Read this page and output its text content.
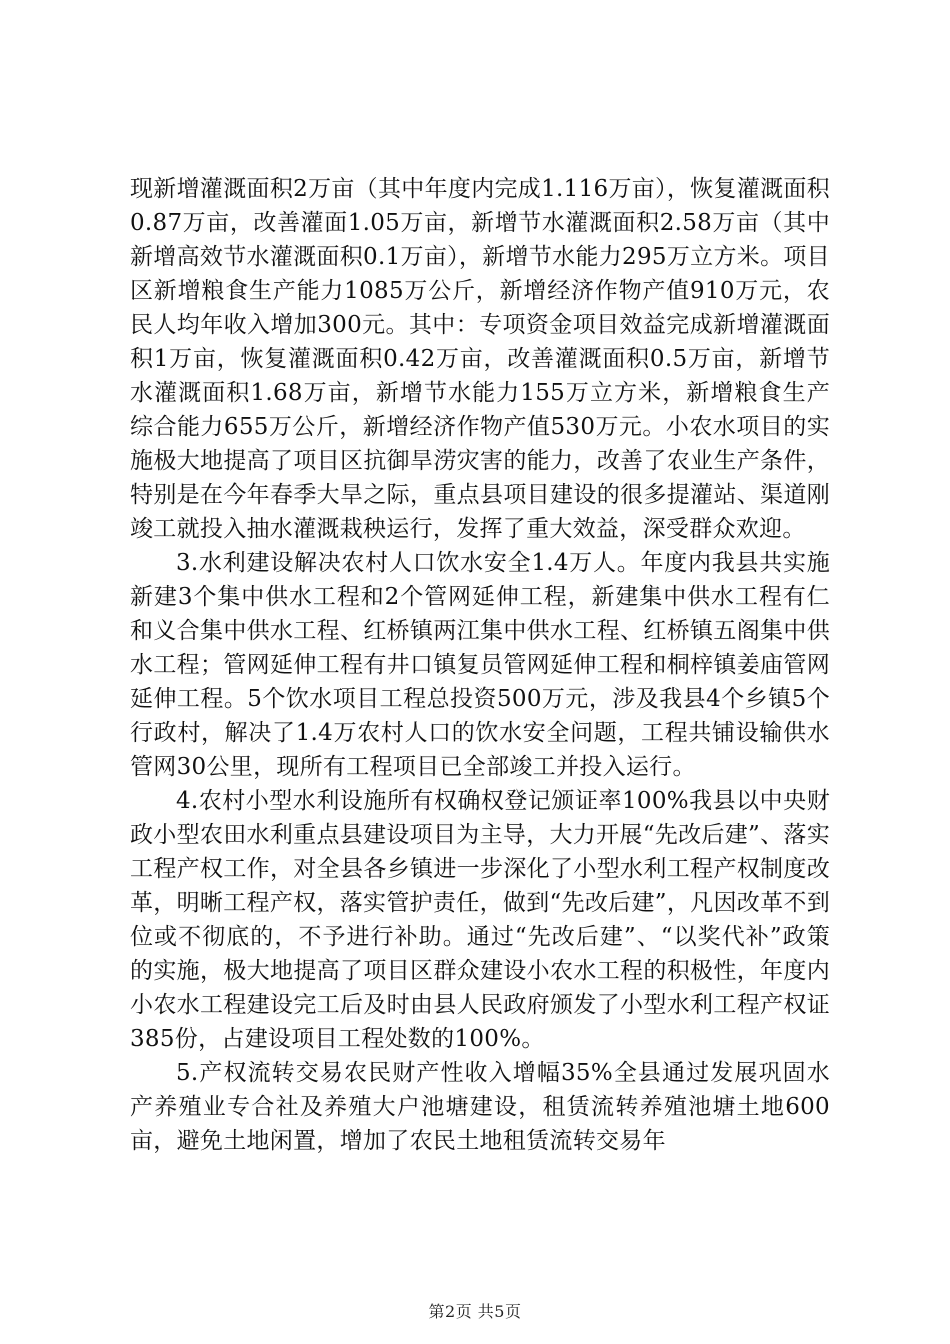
现新增灌溉面积2万亩（其中年度内完成1.116万亩），恢复灌溉面积0.87万亩，改善灌面1.05万亩，新增节水灌溉面积2.58万亩（其中新增高效节水灌溉面积0.1万亩），新增节水能力295万立方米。项目区新增粮食生产能力1085万公斤，新增经济作物产值910万元，农民人均年收入增加300元。其中：专项资金项目效益完成新增灌溉面积1万亩，恢复灌溉面积0.42万亩，改善灌溉面积0.5万亩，新增节水灌溉面积1.68万亩，新增节水能力155万立方米，新增粮食生产综合能力655万公斤，新增经济作物产值530万元。小农水项目的实施极大地提高了项目区抗御旱涝灾害的能力，改善了农业生产条件，特别是在今年春季大旱之际，重点县项目建设的很多提灌站、渠道刚竣工就投入抽水灌溉栽秧运行，发挥了重大效益，深受群众欢迎。

3.水利建设解决农村人口饮水安全1.4万人。年度内我县共实施新建3个集中供水工程和2个管网延伸工程，新建集中供水工程有仁和义合集中供水工程、红桥镇两江集中供水工程、红桥镇五阁集中供水工程；管网延伸工程有井口镇复员管网延伸工程和桐梓镇姜庙管网延伸工程。5个饮水项目工程总投资500万元，涉及我县4个乡镇5个行政村，解决了1.4万农村人口的饮水安全问题，工程共铺设输供水管网30公里，现所有工程项目已全部竣工并投入运行。

4.农村小型水利设施所有权确权登记颁证率100%我县以中央财政小型农田水利重点县建设项目为主导，大力开展“先改后建”、落实工程产权工作，对全县各乡镇进一步深化了小型水利工程产权制度改革，明晰工程产权，落实管护责任，做到“先改后建”，凡因改革不到位或不彻底的，不予进行补助。通过“先改后建”、“以奖代补”政策的实施，极大地提高了项目区群众建设小农水工程的积极性，年度内小农水工程建设完工后及时由县人民政府颁发了小型水利工程产权证385份，占建设项目工程处数的100%。

5.产权流转交易农民财产性收入增幅35%全县通过发展巩固水产养殖业专合社及养殖大户池塘建设，租赁流转养殖池塘土地600亩，避免土地闲置，增加了农民土地租赁流转交易年

第2页 共5页
